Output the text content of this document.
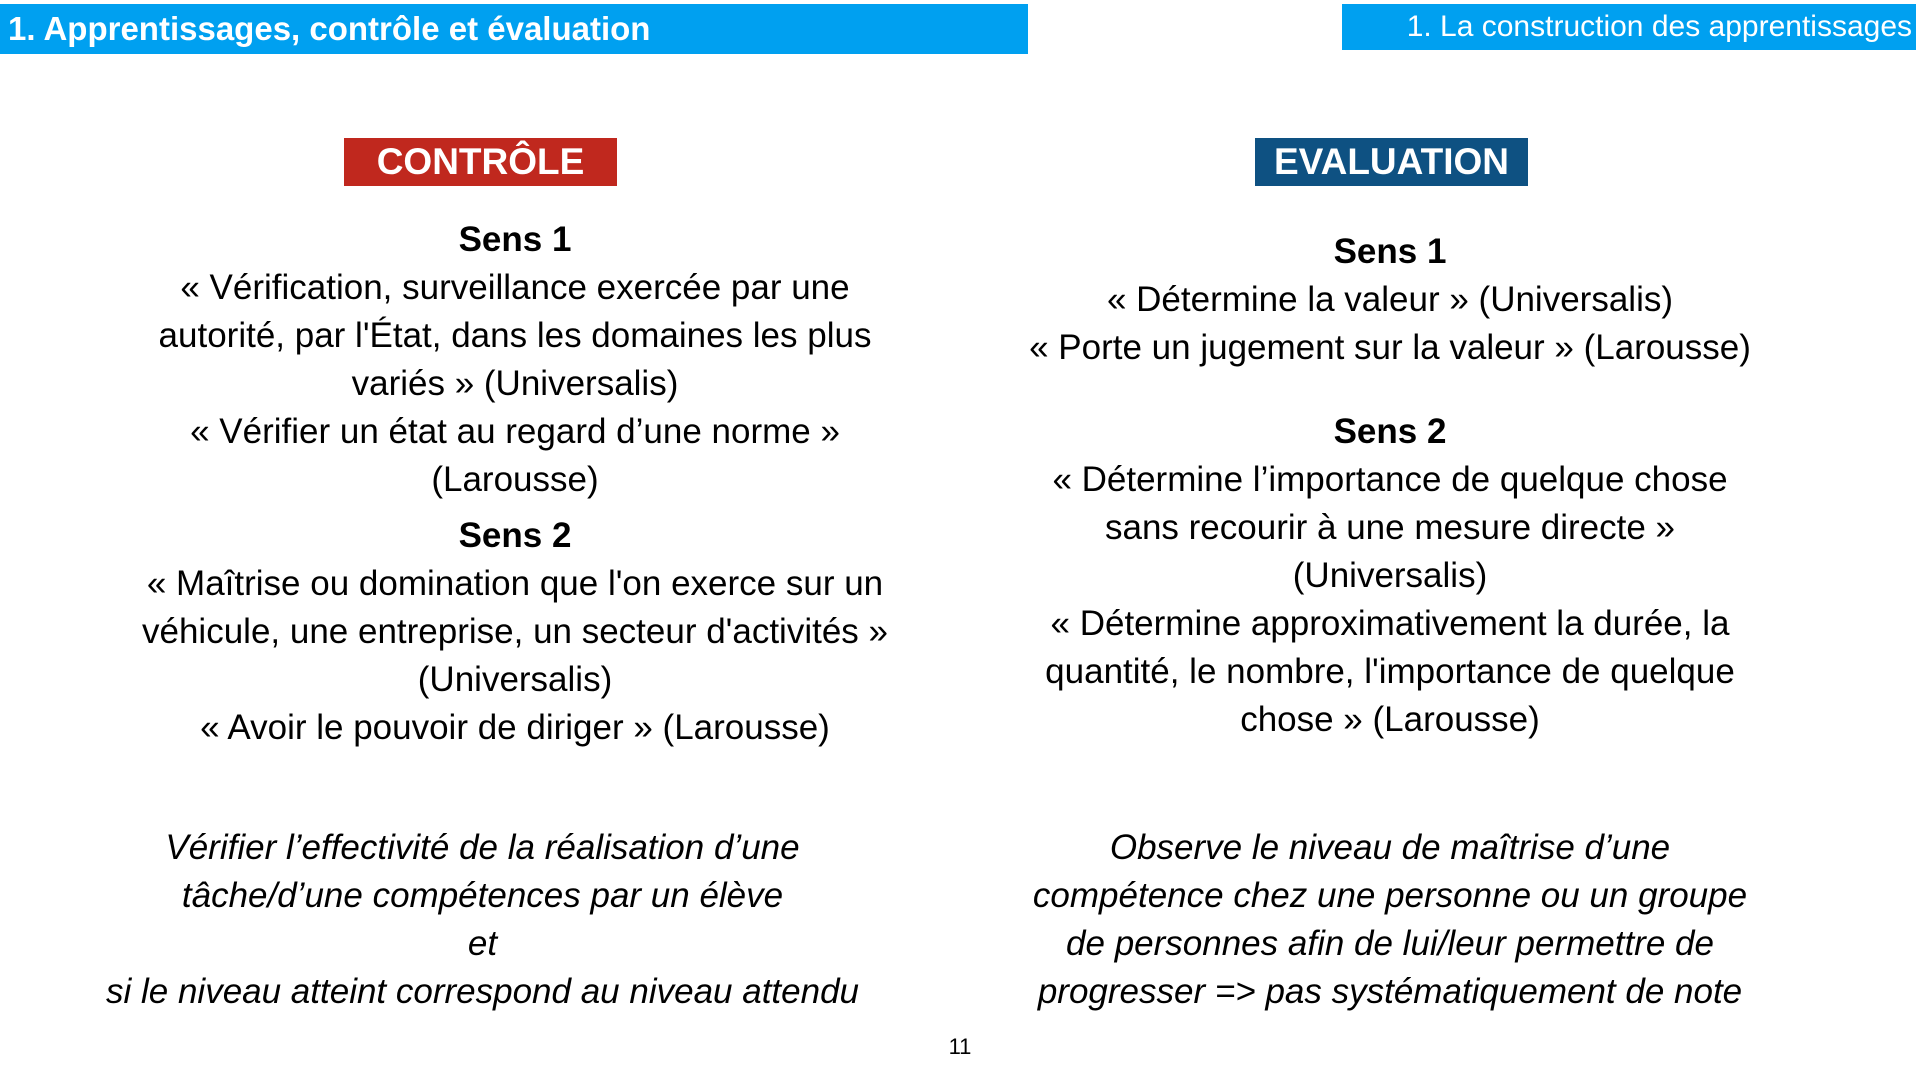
1. Apprentissages, contrôle et évaluation	1. La construction des apprentissages
CONTRÔLE	EVALUATION
Sens 1
« Vérification, surveillance exercée par une
autorité, par l'État, dans les domaines les plus
variés » (Universalis)
« Vérifier un état au regard d’une norme »
(Larousse)
Sens 2
« Maîtrise ou domination que l'on exerce sur un
véhicule, une entreprise, un secteur d'activités »
(Universalis)
« Avoir le pouvoir de diriger » (Larousse)
Sens 1
« Détermine la valeur » (Universalis)
« Porte un jugement sur la valeur » (Larousse)
Sens 2
« Détermine l’importance de quelque chose
sans recourir à une mesure directe »
(Universalis)
« Détermine approximativement la durée, la
quantité, le nombre, l'importance de quelque
chose » (Larousse)
Vérifier l’effectivité de la réalisation d’une
tâche/d’une compétences par un élève
et
si le niveau atteint correspond au niveau attendu
Observe le niveau de maîtrise d’une
compétence chez une personne ou un groupe
de personnes afin de lui/leur permettre de
progresser => pas systématiquement de note
11
